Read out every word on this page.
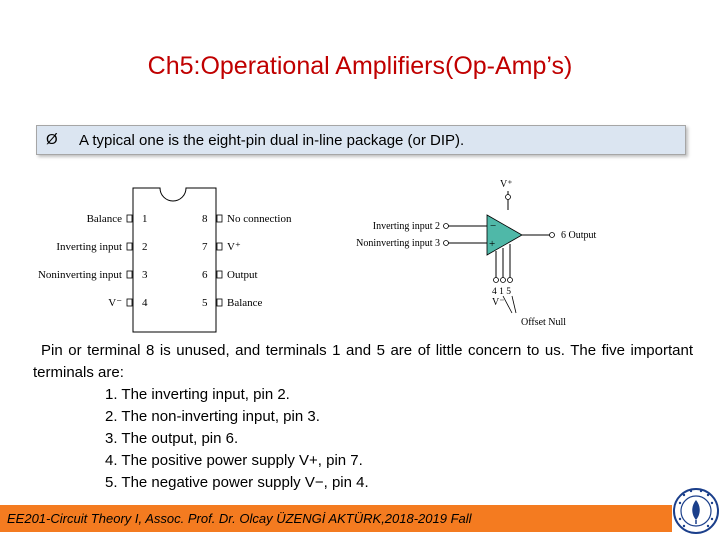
Ch5:Operational Amplifiers(Op-Amp’s)
Ø A typical one is the eight-pin dual in-line package (or DIP).
Balance 1
Inverting input 2
Noninverting input 3
V⁻ 4
8 No connection
7 V⁺
6 Output
5 Balance
V⁺
−
+
Inverting input 2
Noninverting input 3
6 Output
4 1 5
V⁻
Offset Null
Pin or terminal 8 is unused, and terminals 1 and 5 are of little concern to us. The five important terminals are:
1. The inverting input, pin 2.
2. The non-inverting input, pin 3.
3. The output, pin 6.
4. The positive power supply V+, pin 7.
5. The negative power supply V−, pin 4.
EE201-Circuit Theory I, Assoc. Prof. Dr. Olcay ÜZENGİ AKTÜRK,2018-2019 Fall
